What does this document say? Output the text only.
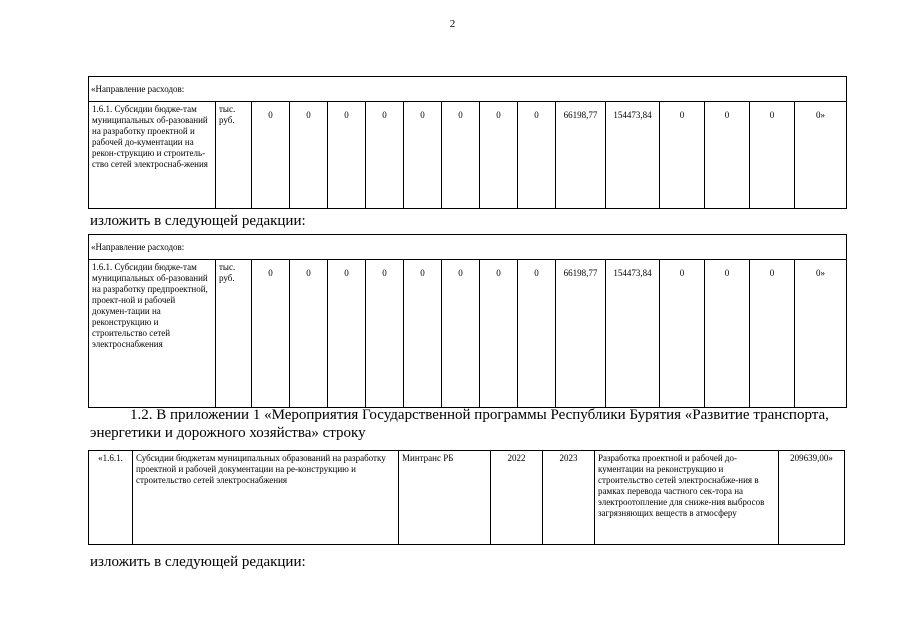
2
«Направление расходов:
1.6.1. Субсидии бюдже-там муниципальных об-разований на разработку проектной и рабочей до-кументации на рекон-струкцию и строитель-ство сетей электроснаб-жения	тыс. руб.	0	0	0	0	0	0	0	0	66198,77	154473,84	0	0	0	0»
изложить в следующей редакции:
«Направление расходов:
1.6.1. Субсидии бюдже-там муниципальных об-разований на разработку предпроектной, проект-ной и рабочей докумен-тации на реконструкцию и строительство сетей электроснабжения	тыс. руб.	0	0	0	0	0	0	0	0	66198,77	154473,84	0	0	0	0»
1.2. В приложении 1 «Мероприятия Государственной программы Республики Бурятия «Развитие транспорта, энергетики и дорожного хозяйства» строку
«1.6.1.	Субсидии бюджетам муниципальных образований на разработку проектной и рабочей документации на ре-конструкцию и строительство сетей электроснабжения	Минтранс РБ	2022	2023	Разработка проектной и рабочей до-кументации на реконструкцию и строительство сетей электроснабже-ния в рамках перевода частного сек-тора на электроотопление для сниже-ния выбросов загрязняющих веществ в атмосферу	209639,00»
изложить в следующей редакции:
